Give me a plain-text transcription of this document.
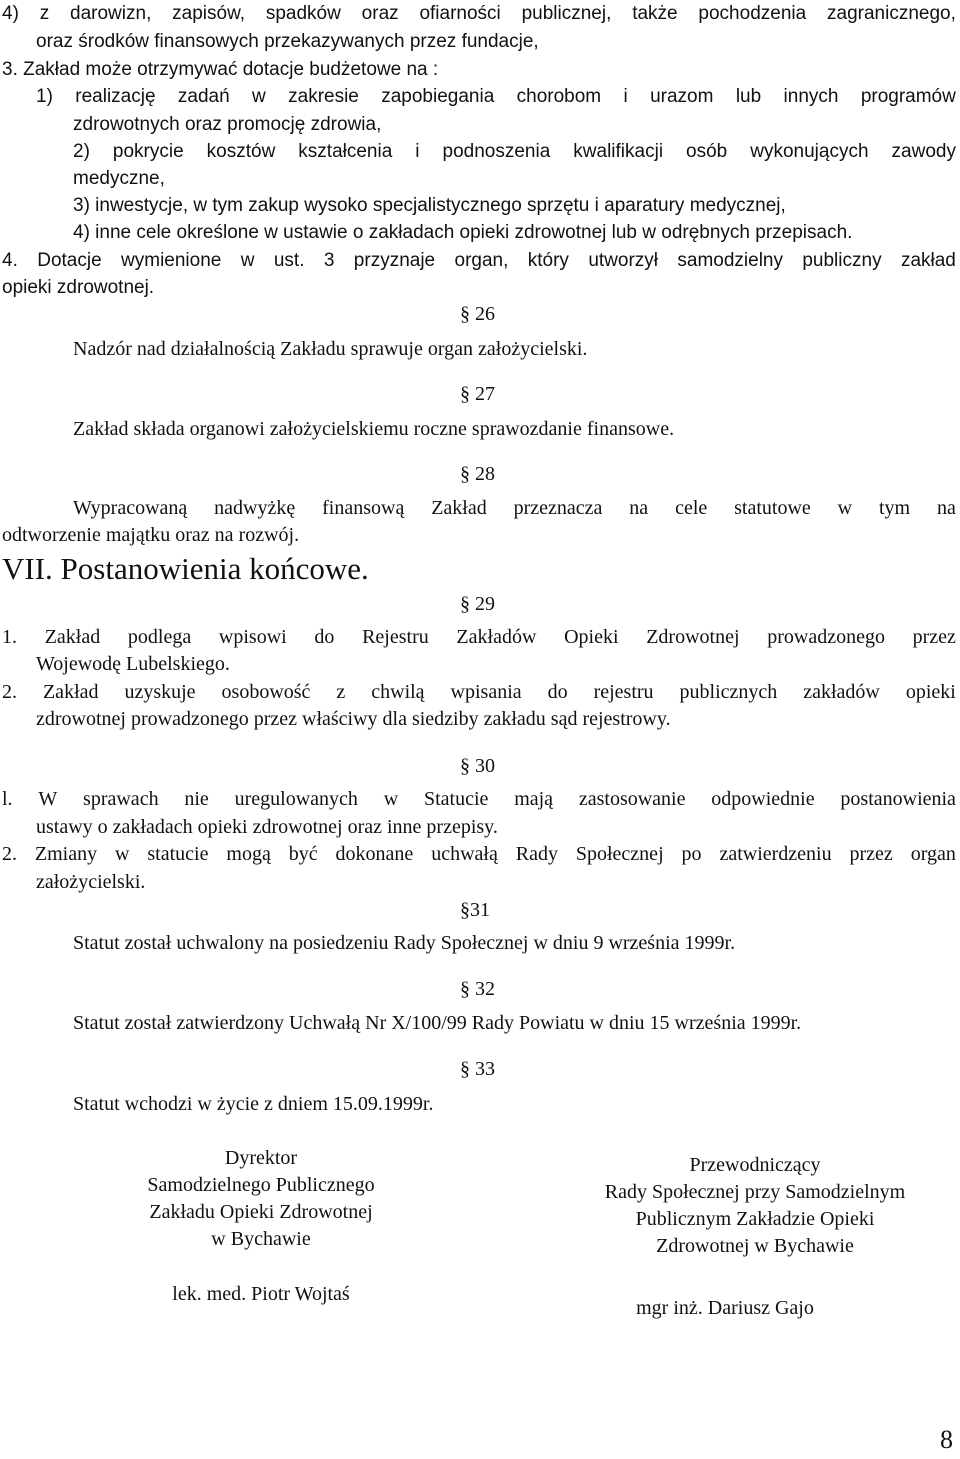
4) z darowizn, zapisów, spadków oraz ofiarności publicznej, także pochodzenia zagranicznego,
oraz środków finansowych przekazywanych przez fundacje,
3. Zakład może otrzymywać dotacje budżetowe na :
1) realizację zadań w zakresie zapobiegania chorobom i urazom lub innych programów
zdrowotnych oraz promocję zdrowia,
2) pokrycie kosztów kształcenia i podnoszenia kwalifikacji osób wykonujących zawody
medyczne,
3) inwestycje, w tym zakup wysoko specjalistycznego sprzętu i aparatury medycznej,
4) inne cele określone w ustawie o zakładach opieki zdrowotnej lub w odrębnych przepisach.
4. Dotacje wymienione w ust. 3 przyznaje organ, który utworzył samodzielny publiczny zakład
opieki zdrowotnej.
§ 26
Nadzór nad działalnością Zakładu sprawuje organ założycielski.
§ 27
Zakład składa organowi założycielskiemu roczne sprawozdanie finansowe.
§ 28
Wypracowaną nadwyżkę finansową Zakład przeznacza na cele statutowe w tym na
odtworzenie majątku oraz na rozwój.
VII. Postanowienia końcowe.
§ 29
1. Zakład podlega wpisowi do Rejestru Zakładów Opieki Zdrowotnej prowadzonego przez
Wojewodę Lubelskiego.
2. Zakład uzyskuje osobowość z chwilą wpisania do rejestru publicznych zakładów opieki
zdrowotnej prowadzonego przez właściwy dla siedziby zakładu sąd rejestrowy.
§ 30
l. W sprawach nie uregulowanych w Statucie mają zastosowanie odpowiednie postanowienia
ustawy o zakładach opieki zdrowotnej oraz inne przepisy.
2. Zmiany w statucie mogą być dokonane uchwałą Rady Społecznej po zatwierdzeniu przez organ
założycielski.
§31
Statut został uchwalony na posiedzeniu Rady Społecznej w dniu 9 września 1999r.
§ 32
Statut został zatwierdzony Uchwałą Nr X/100/99 Rady Powiatu w dniu 15 września 1999r.
§ 33
Statut wchodzi w życie z dniem 15.09.1999r.
Dyrektor
Samodzielnego Publicznego
Zakładu Opieki Zdrowotnej
w Bychawie
lek. med. Piotr Wojtaś
Przewodniczący
Rady Społecznej przy Samodzielnym
Publicznym Zakładzie Opieki
Zdrowotnej w Bychawie
mgr inż. Dariusz Gajo
8
